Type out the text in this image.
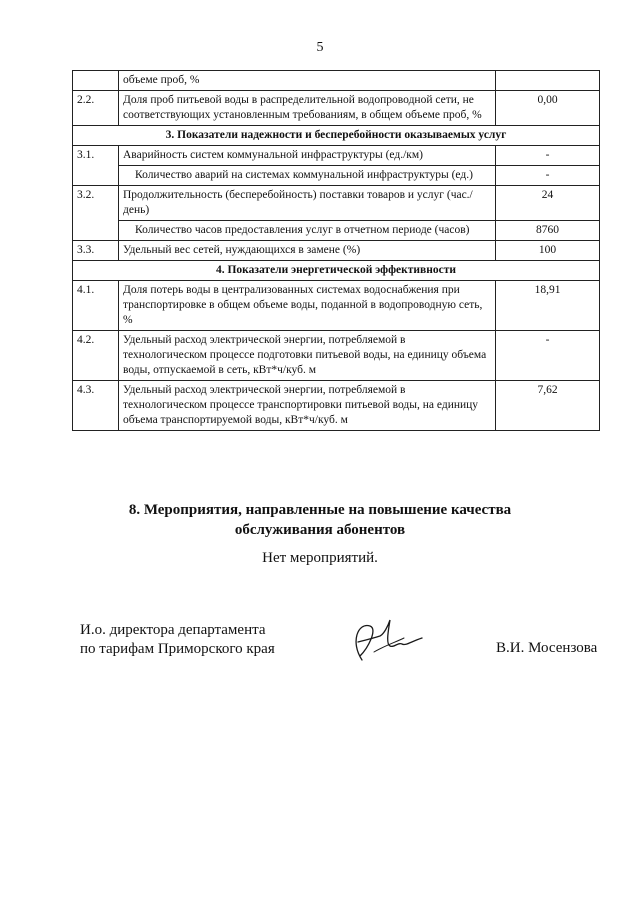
5
	объеме проб, %	
2.2.	Доля проб питьевой воды в распределительной водопроводной сети, не соответствующих установленным требованиям, в общем объеме проб, %	0,00
3. Показатели надежности и бесперебойности оказываемых услуг		
3.1.	Аварийность систем коммунальной инфраструктуры (ед./км)	-
	Количество аварий на системах коммунальной инфраструктуры (ед.)	-
3.2.	Продолжительность (бесперебойность) поставки товаров и услуг (час./день)	24
	Количество часов предоставления услуг в отчетном периоде (часов)	8760
3.3.	Удельный вес сетей, нуждающихся в замене (%)	100
4. Показатели энергетической эффективности		
4.1.	Доля потерь воды в централизованных системах водоснабжения при транспортировке в общем объеме воды, поданной в водопроводную сеть, %	18,91
4.2.	Удельный расход электрической энергии, потребляемой в технологическом процессе подготовки питьевой воды, на единицу объема воды, отпускаемой в сеть, кВт*ч/куб. м	-
4.3.	Удельный расход электрической энергии, потребляемой в технологическом процессе транспортировки питьевой воды, на единицу объема транспортируемой воды, кВт*ч/куб. м	7,62
8. Мероприятия, направленные на повышение качества
обслуживания абонентов
Нет мероприятий.
И.о. директора департамента
по тарифам Приморского края	В.И. Мосензова
